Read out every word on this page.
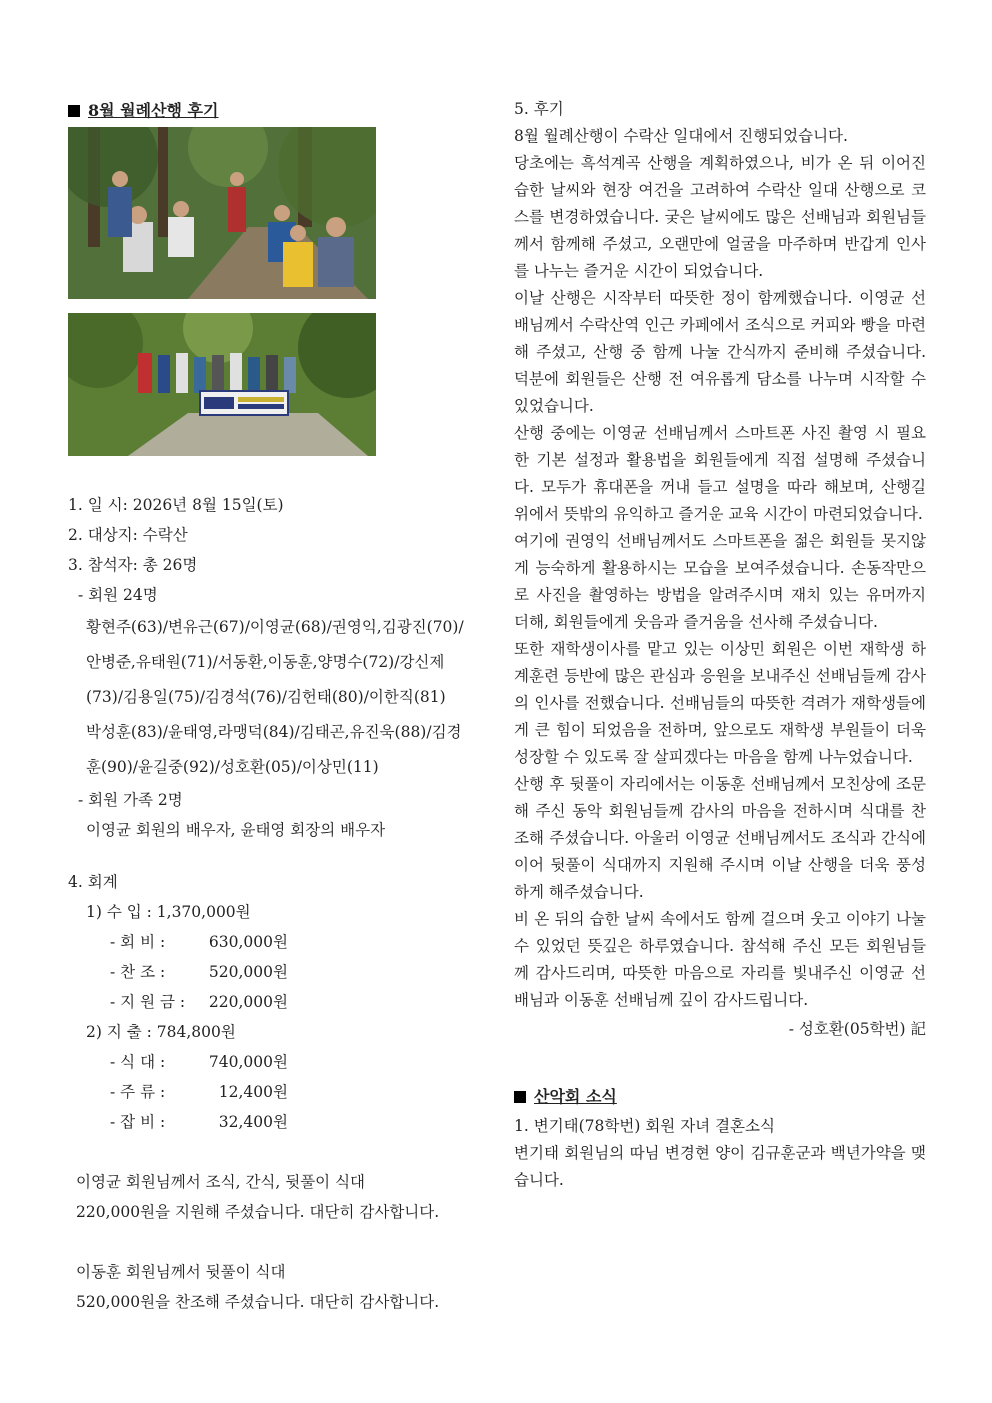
8월 월례산행 후기
1. 일 시: 2026년 8월 15일(토)
2. 대상지: 수락산
3. 참석자: 총 26명
- 회원 24명
황현주(63)/변유근(67)/이영균(68)/권영익,김광진(70)/
안병준,유태원(71)/서동환,이동훈,양명수(72)/강신제
(73)/김용일(75)/김경석(76)/김헌태(80)/이한직(81)
박성훈(83)/윤태영,라맹덕(84)/김태곤,유진욱(88)/김경
훈(90)/윤길중(92)/성호환(05)/이상민(11)
- 회원 가족 2명
이영균 회원의 배우자, 윤태영 회장의 배우자
4. 회계
1) 수 입 : 1,370,000원
- 회 비 :	630,000원
- 찬 조 :	520,000원
- 지 원 금 : 220,000원
2) 지 출 : 784,800원
- 식 대 :	740,000원
- 주 류 :	12,400원
- 잡 비 :	32,400원
이영균 회원님께서 조식, 간식, 뒷풀이 식대
220,000원을 지원해 주셨습니다. 대단히 감사합니다.
이동훈 회원님께서 뒷풀이 식대
520,000원을 찬조해 주셨습니다. 대단히 감사합니다.
5. 후기
8월 월례산행이 수락산 일대에서 진행되었습니다.
당초에는 흑석계곡 산행을 계획하였으나, 비가 온 뒤 이어진 습한 날씨와 현장 여건을 고려하여 수락산 일대 산행으로 코스를 변경하였습니다. 궂은 날씨에도 많은 선배님과 회원님들께서 함께해 주셨고, 오랜만에 얼굴을 마주하며 반갑게 인사를 나누는 즐거운 시간이 되었습니다.
이날 산행은 시작부터 따뜻한 정이 함께했습니다. 이영균 선배님께서 수락산역 인근 카페에서 조식으로 커피와 빵을 마련해 주셨고, 산행 중 함께 나눌 간식까지 준비해 주셨습니다. 덕분에 회원들은 산행 전 여유롭게 담소를 나누며 시작할 수 있었습니다.
산행 중에는 이영균 선배님께서 스마트폰 사진 촬영 시 필요한 기본 설정과 활용법을 회원들에게 직접 설명해 주셨습니다. 모두가 휴대폰을 꺼내 들고 설명을 따라 해보며, 산행길 위에서 뜻밖의 유익하고 즐거운 교육 시간이 마련되었습니다.
여기에 권영익 선배님께서도 스마트폰을 젊은 회원들 못지않게 능숙하게 활용하시는 모습을 보여주셨습니다. 손동작만으로 사진을 촬영하는 방법을 알려주시며 재치 있는 유머까지 더해, 회원들에게 웃음과 즐거움을 선사해 주셨습니다.
또한 재학생이사를 맡고 있는 이상민 회원은 이번 재학생 하계훈련 등반에 많은 관심과 응원을 보내주신 선배님들께 감사의 인사를 전했습니다. 선배님들의 따뜻한 격려가 재학생들에게 큰 힘이 되었음을 전하며, 앞으로도 재학생 부원들이 더욱 성장할 수 있도록 잘 살피겠다는 마음을 함께 나누었습니다.
산행 후 뒷풀이 자리에서는 이동훈 선배님께서 모친상에 조문해 주신 동악 회원님들께 감사의 마음을 전하시며 식대를 찬조해 주셨습니다. 아울러 이영균 선배님께서도 조식과 간식에 이어 뒷풀이 식대까지 지원해 주시며 이날 산행을 더욱 풍성하게 해주셨습니다.
비 온 뒤의 습한 날씨 속에서도 함께 걸으며 웃고 이야기 나눌 수 있었던 뜻깊은 하루였습니다. 참석해 주신 모든 회원님들께 감사드리며, 따뜻한 마음으로 자리를 빛내주신 이영균 선배님과 이동훈 선배님께 깊이 감사드립니다.
- 성호환(05학번) 記
산악회 소식
1. 변기태(78학번) 회원 자녀 결혼소식
변기태 회원님의 따님 변경현 양이 김규훈군과 백년가약을 맺습니다.
